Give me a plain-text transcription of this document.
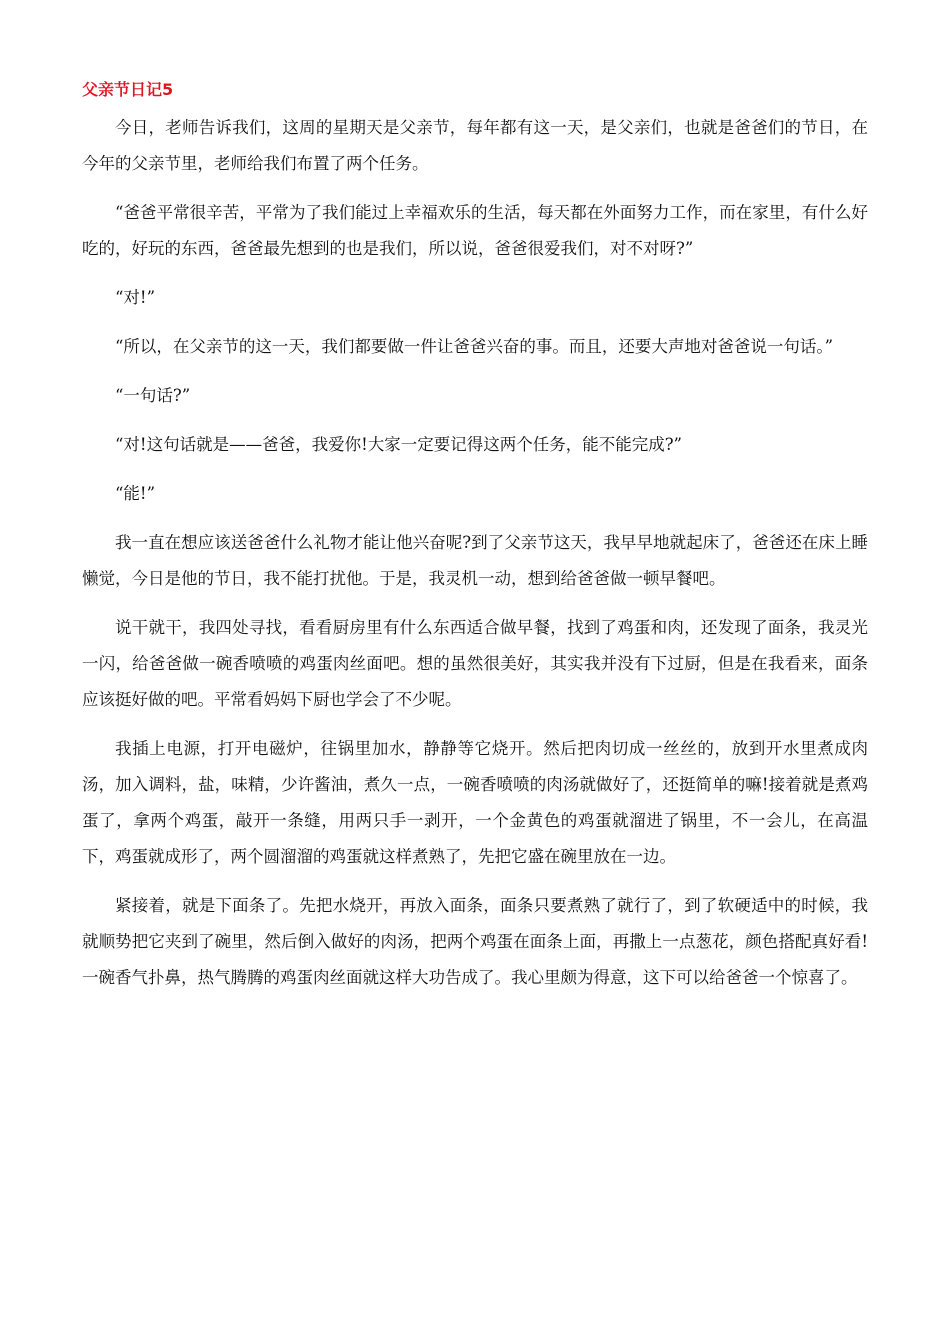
父亲节日记5

今日，老师告诉我们，这周的星期天是父亲节，每年都有这一天，是父亲们，也就是爸爸们的节日，在今年的父亲节里，老师给我们布置了两个任务。

“爸爸平常很辛苦，平常为了我们能过上幸福欢乐的生活，每天都在外面努力工作，而在家里，有什么好吃的，好玩的东西，爸爸最先想到的也是我们，所以说，爸爸很爱我们，对不对呀?”

“对!”

“所以，在父亲节的这一天，我们都要做一件让爸爸兴奋的事。而且，还要大声地对爸爸说一句话。”

“一句话?”

“对!这句话就是——爸爸，我爱你!大家一定要记得这两个任务，能不能完成?”

“能!”

我一直在想应该送爸爸什么礼物才能让他兴奋呢?到了父亲节这天，我早早地就起床了，爸爸还在床上睡懒觉，今日是他的节日，我不能打扰他。于是，我灵机一动，想到给爸爸做一顿早餐吧。

说干就干，我四处寻找，看看厨房里有什么东西适合做早餐，找到了鸡蛋和肉，还发现了面条，我灵光一闪，给爸爸做一碗香喷喷的鸡蛋肉丝面吧。想的虽然很美好，其实我并没有下过厨，但是在我看来，面条应该挺好做的吧。平常看妈妈下厨也学会了不少呢。

我插上电源，打开电磁炉，往锅里加水，静静等它烧开。然后把肉切成一丝丝的，放到开水里煮成肉汤，加入调料，盐，味精，少许酱油，煮久一点，一碗香喷喷的肉汤就做好了，还挺简单的嘛!接着就是煮鸡蛋了，拿两个鸡蛋，敲开一条缝，用两只手一剥开，一个金黄色的鸡蛋就溜进了锅里，不一会儿，在高温下，鸡蛋就成形了，两个圆溜溜的鸡蛋就这样煮熟了，先把它盛在碗里放在一边。

紧接着，就是下面条了。先把水烧开，再放入面条，面条只要煮熟了就行了，到了软硬适中的时候，我就顺势把它夹到了碗里，然后倒入做好的肉汤，把两个鸡蛋在面条上面，再撒上一点葱花，颜色搭配真好看!一碗香气扑鼻，热气腾腾的鸡蛋肉丝面就这样大功告成了。我心里颇为得意，这下可以给爸爸一个惊喜了。
